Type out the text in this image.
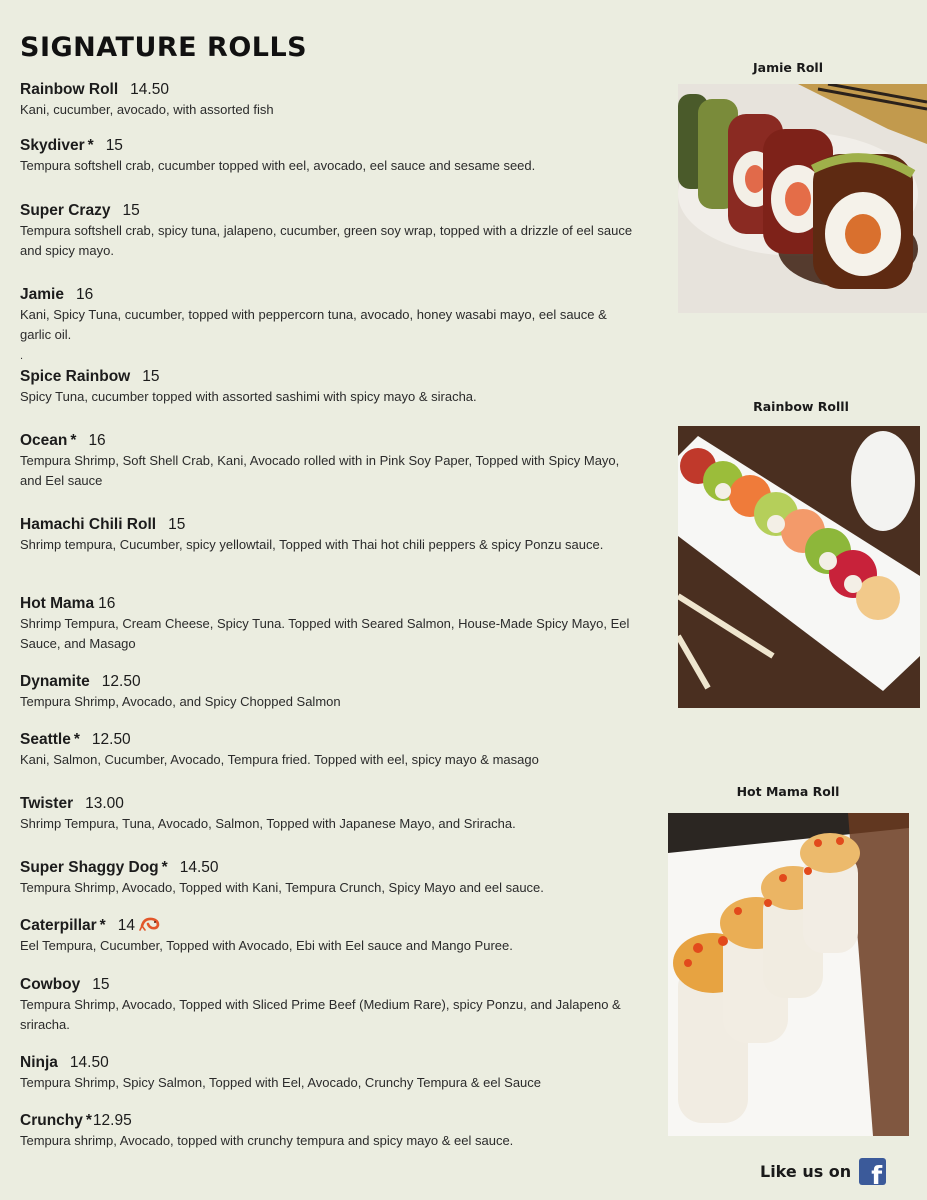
SIGNATURE ROLLS
Rainbow Roll 14.50
Kani, cucumber, avocado, with assorted fish
Skydiver * 15
Tempura softshell crab, cucumber topped with eel, avocado, eel sauce and sesame seed.
Super Crazy 15
Tempura softshell crab, spicy tuna, jalapeno, cucumber, green soy wrap, topped with a drizzle of eel sauce and spicy mayo.
Jamie 16
Kani, Spicy Tuna, cucumber, topped with peppercorn tuna, avocado, honey wasabi mayo, eel sauce & garlic oil.
Spice Rainbow 15
Spicy Tuna, cucumber topped with assorted sashimi with spicy mayo & siracha.
Ocean * 16
Tempura Shrimp, Soft Shell Crab, Kani, Avocado rolled with in Pink Soy Paper, Topped with Spicy Mayo, and Eel sauce
Hamachi Chili Roll 15
Shrimp tempura, Cucumber, spicy yellowtail, Topped with Thai hot chili peppers & spicy Ponzu sauce.
Hot Mama 16
Shrimp Tempura, Cream Cheese, Spicy Tuna. Topped with Seared Salmon, House-Made Spicy Mayo, Eel Sauce, and Masago
Dynamite 12.50
Tempura Shrimp, Avocado, and Spicy Chopped Salmon
Seattle * 12.50
Kani, Salmon, Cucumber, Avocado, Tempura fried. Topped with eel, spicy mayo & masago
Twister 13.00
Shrimp Tempura, Tuna, Avocado, Salmon, Topped with Japanese Mayo, and Sriracha.
Super Shaggy Dog * 14.50
Tempura Shrimp, Avocado, Topped with Kani, Tempura Crunch, Spicy Mayo and eel sauce.
Caterpillar * 14
Eel Tempura, Cucumber, Topped with Avocado, Ebi with Eel sauce and Mango Puree.
Cowboy 15
Tempura Shrimp, Avocado, Topped with Sliced Prime Beef (Medium Rare), spicy Ponzu, and Jalapeno & sriracha.
Ninja 14.50
Tempura Shrimp, Spicy Salmon, Topped with Eel, Avocado, Crunchy Tempura & eel Sauce
Crunchy *12.95
Tempura shrimp, Avocado, topped with crunchy tempura and spicy mayo & eel sauce.
.
Jamie Roll
Rainbow Rolll
Hot Mama Roll
Like us on f
